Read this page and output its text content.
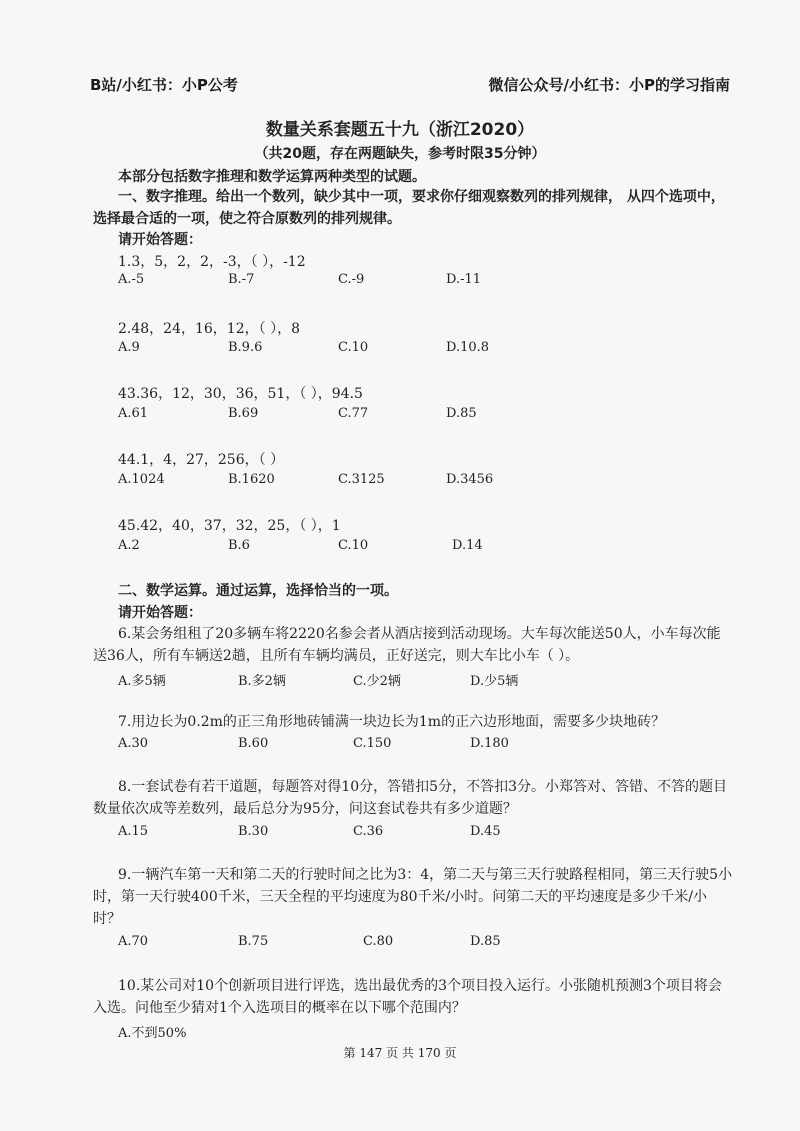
B站/小红书：小P公考	微信公众号/小红书：小P的学习指南
数量关系套题五十九（浙江2020）
（共20题，存在两题缺失，参考时限35分钟）
本部分包括数字推理和数学运算两种类型的试题。
一、数字推理。给出一个数列，缺少其中一项，要求你仔细观察数列的排列规律， 从四个选项中，选择最合适的一项，使之符合原数列的排列规律。
请开始答题：
1.3，5，2，2，-3，（ ），-12
A.-5	B.-7	C.-9	D.-11
2.48，24，16，12，（ ），8
A.9	B.9.6	C.10	D.10.8
43.36，12，30，36，51，（ ），94.5
A.61	B.69	C.77	D.85
44.1，4，27，256，（ ）
A.1024	B.1620	C.3125	D.3456
45.42，40，37，32，25，（ ），1
A.2	B.6	C.10	D.14
二、数学运算。通过运算，选择恰当的一项。
请开始答题：
6.某会务组租了20多辆车将2220名参会者从酒店接到活动现场。大车每次能送50人，小车每次能送36人，所有车辆送2趟，且所有车辆均满员，正好送完，则大车比小车（ ）。
A.多5辆	B.多2辆	C.少2辆	D.少5辆
7.用边长为0.2m的正三角形地砖铺满一块边长为1m的正六边形地面，需要多少块地砖？
A.30	B.60	C.150	D.180
8.一套试卷有若干道题，每题答对得10分，答错扣5分，不答扣3分。小郑答对、答错、不答的题目数量依次成等差数列，最后总分为95分，问这套试卷共有多少道题？
A.15	B.30	C.36	D.45
9.一辆汽车第一天和第二天的行驶时间之比为3：4，第二天与第三天行驶路程相同，第三天行驶5小时，第一天行驶400千米，三天全程的平均速度为80千米/小时。问第二天的平均速度是多少千米/小时？
A.70	B.75	C.80	D.85
10.某公司对10个创新项目进行评选，选出最优秀的3个项目投入运行。小张随机预测3个项目将会入选。问他至少猜对1个入选项目的概率在以下哪个范围内？
A.不到50%
第 147 页 共 170 页
